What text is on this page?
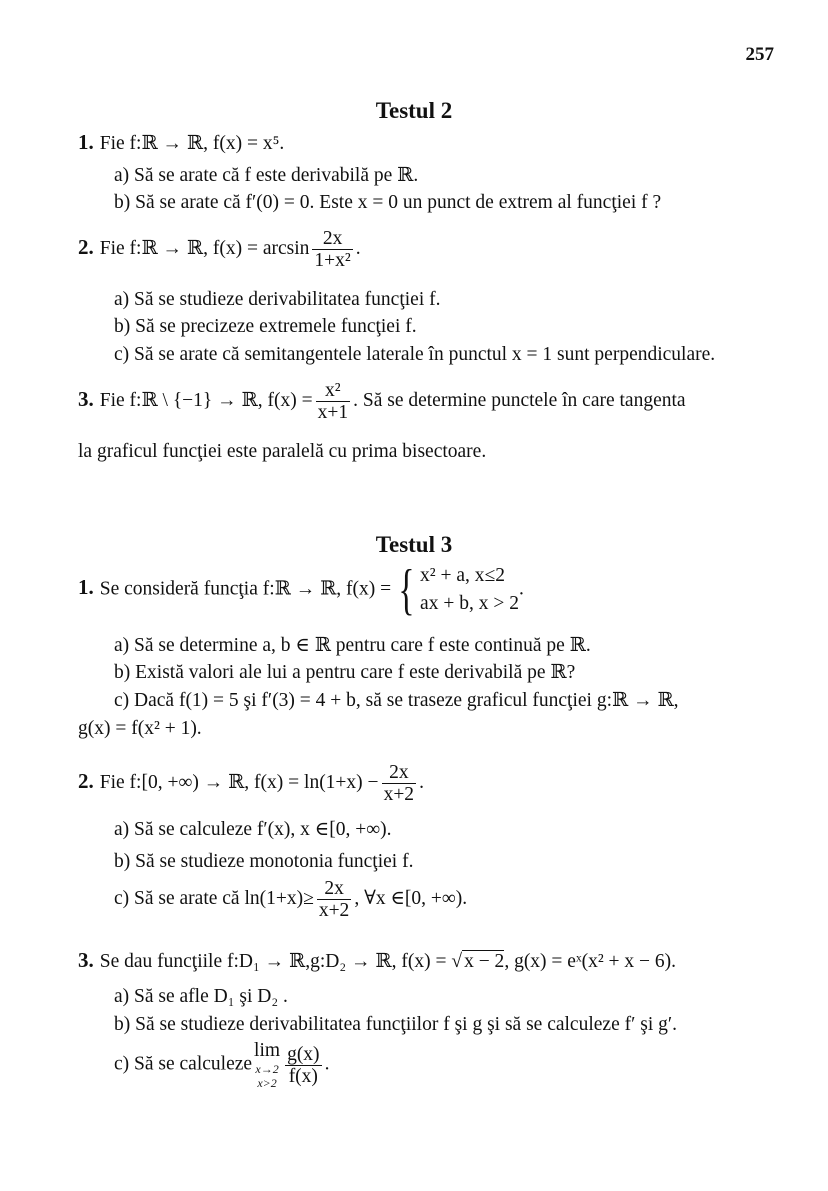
257
Testul 2
1. Fie f:ℝ → ℝ, f(x) = x⁵.
a) Să se arate că f este derivabilă pe ℝ.
b) Să se arate că f′(0) = 0. Este x = 0 un punct de extrem al funcţiei f ?
2. Fie f:ℝ → ℝ, $f(x) = \arcsin \frac{2x}{\text{1+x²}}$ .
a) Să se studieze derivabilitatea funcţiei f.
b) Să se precizeze extremele funcţiei f.
c) Să se arate că semitangentele laterale în punctul x = 1 sunt perpendiculare.
3. Fie f:ℝ \ {−1} → ℝ, $f(x) = \frac{\text{x²}}{x+1}$ . Să se determine punctele în care tangenta
la graficul funcţiei este paralelă cu prima bisectoare.
Testul 3
1. Se consideră funcţia f:ℝ → ℝ, f(x) = { x² + a, x≤2
ax + b, x > 2
.
a) Să se determine a, b ∈ ℝ pentru care f este continuă pe ℝ.
b) Există valori ale lui a pentru care f este derivabilă pe ℝ?
c) Dacă f(1) = 5 şi f′(3) = 4 + b, să se traseze graficul funcţiei g:ℝ → ℝ,
g(x) = f(x² + 1).
2. Fie f:[0, +∞) → ℝ, $f(x) = \ln(1+x) - \frac{2x}{x+2}$ .
a) Să se calculeze f′(x), x ∈[0, +∞).
b) Să se studieze monotonia funcţiei f.
c) Să se arate că $\ln(1+x)\ge \frac{2x}{x+2}$ , ∀x ∈[0, +∞).
3. Se dau funcţiile f:D₁ → ℝ,g:D₂ → ℝ, f(x) = √ x − 2, g(x) = eˣ(x² + x − 6).
a) Să se afle D₁ şi D₂ .
b) Să se studieze derivabilitatea funcţiilor f şi g şi să se calculeze f′ şi g′.
c) Să se calculeze
lim
x→2
$x>2 \frac{g(x)}{f(x)}$ .
